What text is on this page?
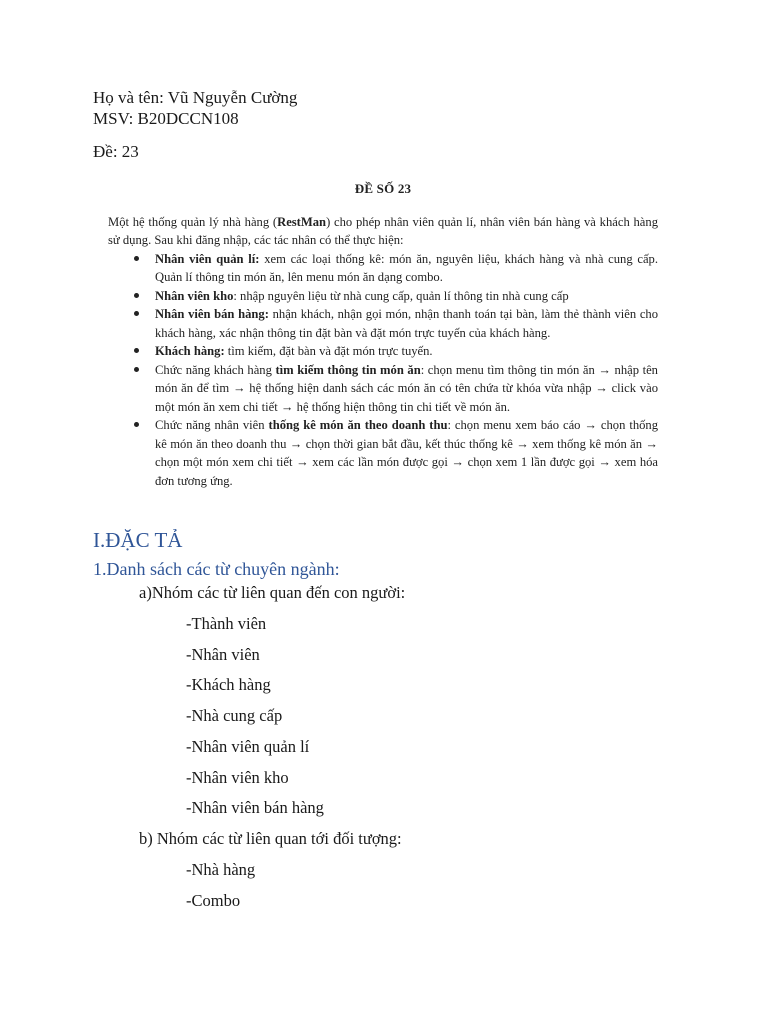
Họ và tên: Vũ Nguyễn Cường
MSV: B20DCCN108
Đề: 23
ĐỀ SỐ 23

Một hệ thống quản lý nhà hàng (RestMan) cho phép nhân viên quản lí, nhân viên bán hàng và khách hàng sử dụng. Sau khi đăng nhập, các tác nhân có thể thực hiện:

Nhân viên quản lí: xem các loại thống kê: món ăn, nguyên liệu, khách hàng và nhà cung cấp. Quản lí thông tin món ăn, lên menu món ăn dạng combo.
Nhân viên kho: nhập nguyên liệu từ nhà cung cấp, quản lí thông tin nhà cung cấp
Nhân viên bán hàng: nhận khách, nhận gọi món, nhận thanh toán tại bàn, làm thẻ thành viên cho khách hàng, xác nhận thông tin đặt bàn và đặt món trực tuyến của khách hàng.
Khách hàng: tìm kiếm, đặt bàn và đặt món trực tuyến.
Chức năng khách hàng tìm kiếm thông tin món ăn: chọn menu tìm thông tin món ăn → nhập tên món ăn để tìm → hệ thống hiện danh sách các món ăn có tên chứa từ khóa vừa nhập → click vào một món ăn xem chi tiết → hệ thống hiện thông tin chi tiết về món ăn.
Chức năng nhân viên thống kê món ăn theo doanh thu: chọn menu xem báo cáo → chọn thống kê món ăn theo doanh thu → chọn thời gian bắt đầu, kết thúc thống kê → xem thống kê món ăn → chọn một món xem chi tiết → xem các lần món được gọi → chọn xem 1 lần được gọi → xem hóa đơn tương ứng.
I.ĐẶC TẢ
1.Danh sách các từ chuyên ngành:
a)Nhóm các từ liên quan đến con người:
-Thành viên
-Nhân viên
-Khách hàng
-Nhà cung cấp
-Nhân viên quản lí
-Nhân viên kho
-Nhân viên bán hàng
b) Nhóm các từ liên quan tới đối tượng:
-Nhà hàng
-Combo
